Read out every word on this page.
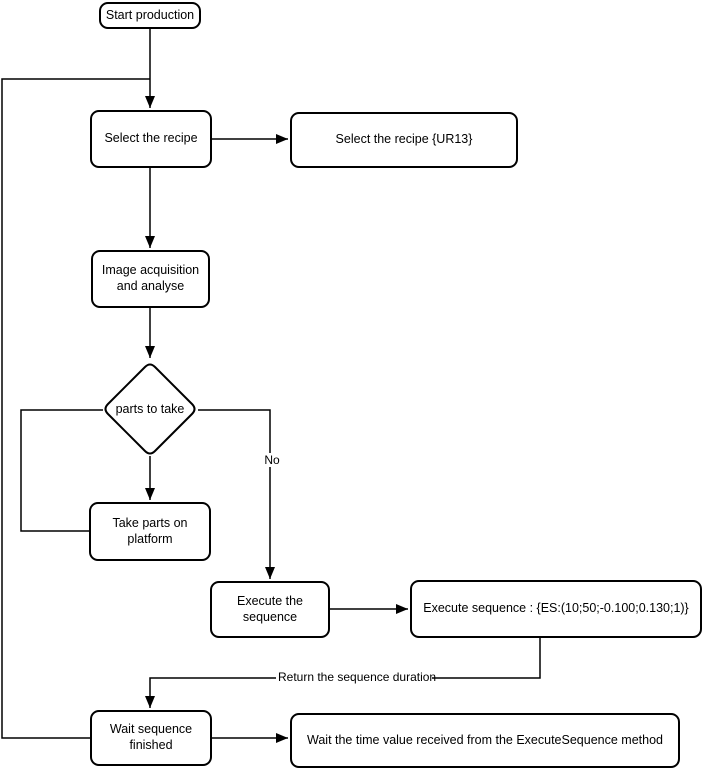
Start production
Select the recipe	Select the recipe {UR13}
Image acquisition and analyse
parts to take
Take parts on platform
Execute the sequence
Execute sequence : {ES:(10;50;-0.100;0.130;1)}
Wait sequence finished	Wait the time value received from the ExecuteSequence method
No
Return the sequence duration
